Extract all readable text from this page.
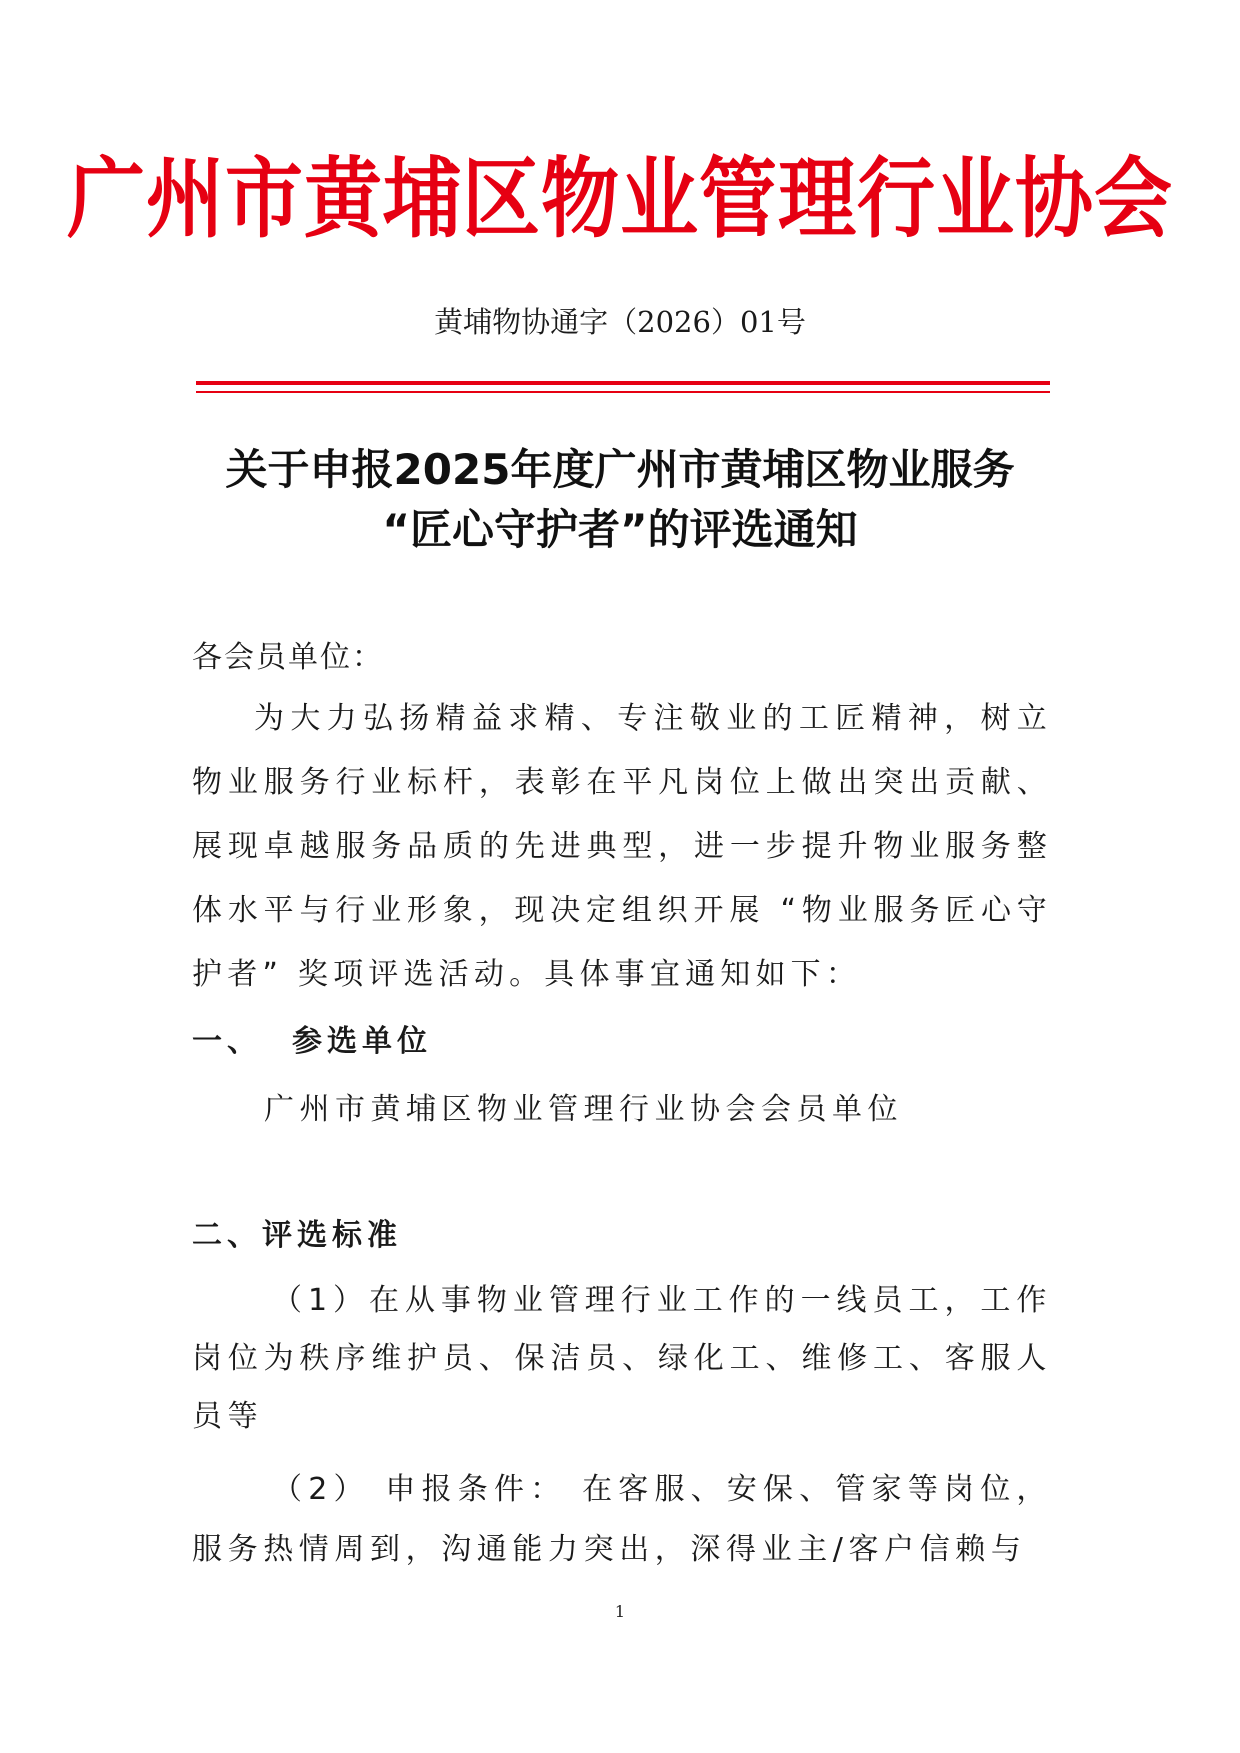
广州市黄埔区物业管理行业协会
黄埔物协通字（2026）01号
关于申报2025年度广州市黄埔区物业服务
“匠心守护者”的评选通知
各会员单位：
为大力弘扬精益求精、专注敬业的工匠精神，树立物业服务行业标杆，表彰在平凡岗位上做出突出贡献、展现卓越服务品质的先进典型，进一步提升物业服务整体水平与行业形象，现决定组织开展 “物业服务匠心守护者” 奖项评选活动。具体事宜通知如下：
一、 参选单位
广州市黄埔区物业管理行业协会会员单位
二、评选标准
（1）在从事物业管理行业工作的一线员工，工作岗位为秩序维护员、保洁员、绿化工、维修工、客服人员等
（2） 申报条件： 在客服、安保、管家等岗位，服务热情周到，沟通能力突出，深得业主/客户信赖与
1
